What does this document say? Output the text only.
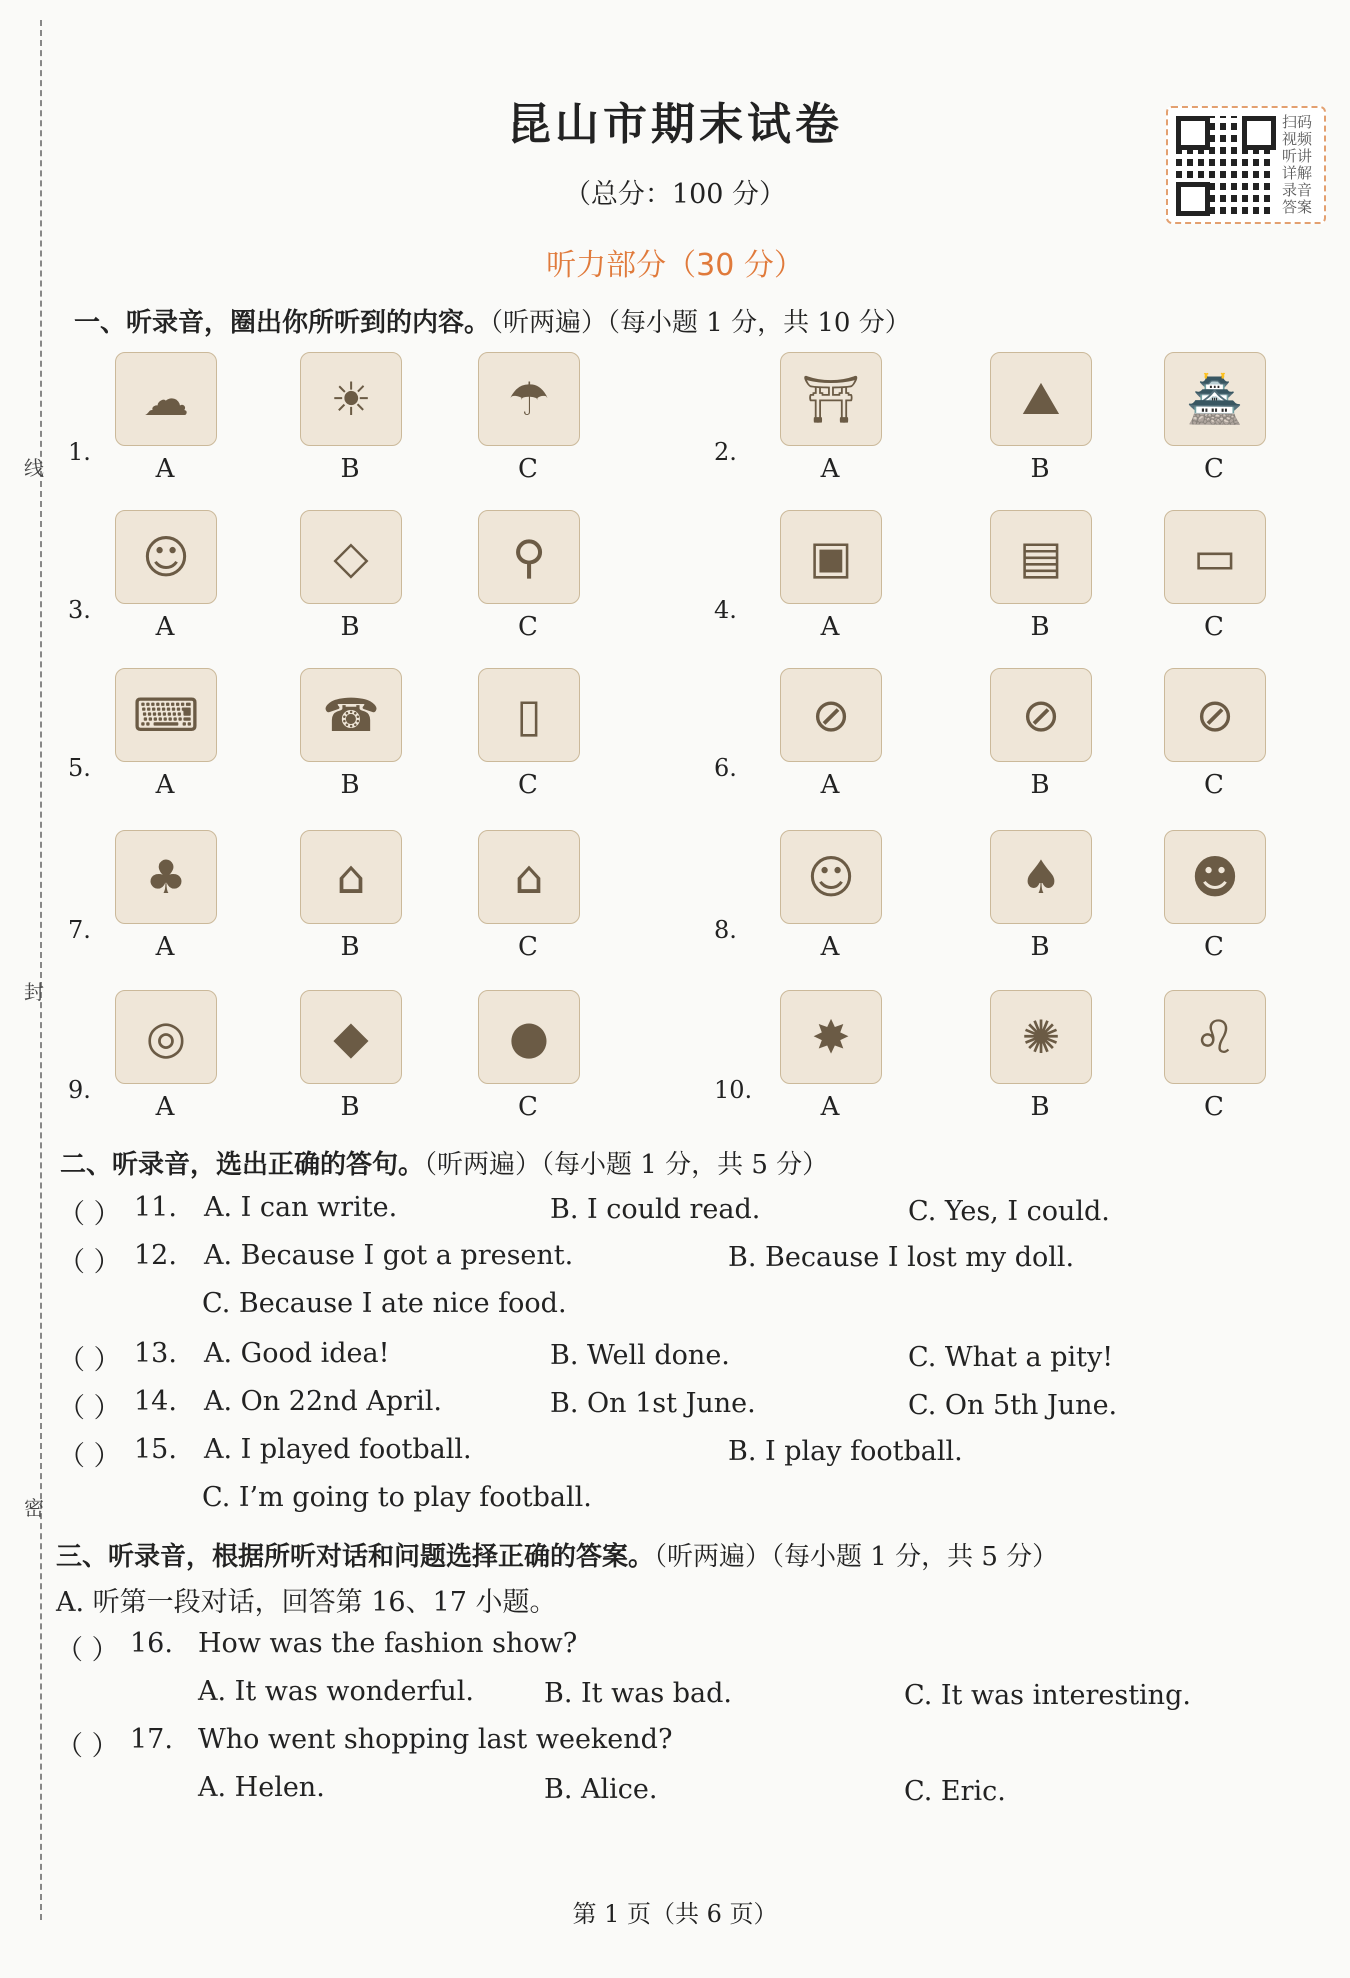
线
封
密
昆山市期末试卷
（总分：100 分）
扫码视频听讲详解录音答案
听力部分（30 分）
一、听录音，圈出你所听到的内容。（听两遍）（每小题 1 分，共 10 分）
1.
☁
A
☀
B
☂
C
2.
⛩
A
⛰
B
🏯
C
3.
☺
A
◇
B
⚲
C
4.
▣
A
▤
B
▭
C
5.
⌨
A
☎
B
▯
C
6.
⊘
A
⊘
B
⊘
C
7.
♣
A
⌂
B
⌂
C
8.
☺
A
♠
B
☻
C
9.
◎
A
◆
B
●
C
10.
✸
A
✺
B
♌
C
二、听录音，选出正确的答句。（听两遍）（每小题 1 分，共 5 分）
（ ） 11. A. I can write.	B. I could read.	C. Yes, I could.
（ ） 12. A. Because I got a present.	B. Because I lost my doll.
C. Because I ate nice food.
（ ） 13. A. Good idea!	B. Well done.	C. What a pity!
（ ） 14. A. On 22nd April.	B. On 1st June.	C. On 5th June.
（ ） 15. A. I played football.	B. I play football.
C. I’m going to play football.
三、听录音，根据所听对话和问题选择正确的答案。（听两遍）（每小题 1 分，共 5 分）
A. 听第一段对话，回答第 16、17 小题。
（ ） 16. How was the fashion show?
A. It was wonderful.	B. It was bad.	C. It was interesting.
（ ） 17. Who went shopping last weekend?
A. Helen.	B. Alice.	C. Eric.
第 1 页（共 6 页）
